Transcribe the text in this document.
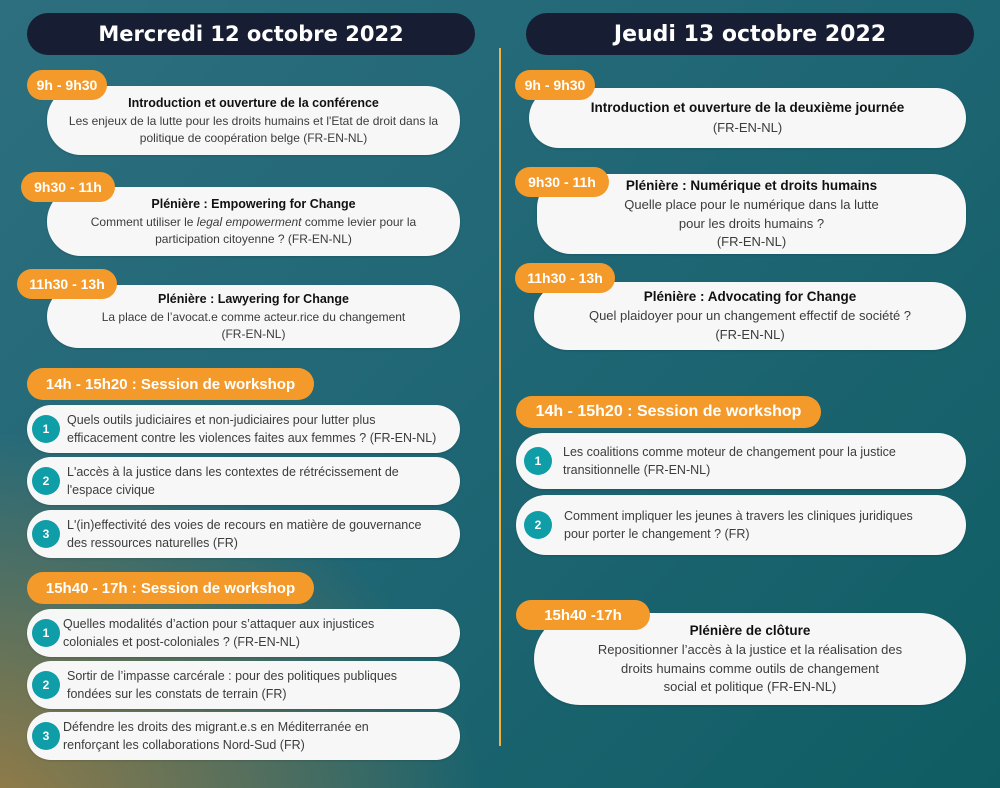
Mercredi 12 octobre 2022	Jeudi 13 octobre 2022
Introduction et ouverture de la conférence
Les enjeux de la lutte pour les droits humains et l'Etat de droit dans la
politique de coopération belge (FR-EN-NL)
9h - 9h30
Plénière : Empowering for Change
Comment utiliser le legal empowerment comme levier pour la
participation citoyenne ? (FR-EN-NL)
9h30 - 11h
Plénière : Lawyering for Change
La place de l’avocat.e comme acteur.rice du changement
(FR-EN-NL)
11h30 - 13h
14h - 15h20 : Session de workshop
1
Quels outils judiciaires et non-judiciaires pour lutter plus
efficacement contre les violences faites aux femmes ? (FR-EN-NL)
2
L'accès à la justice dans les contextes de rétrécissement de
l'espace civique
3
L'(in)effectivité des voies de recours en matière de gouvernance
des ressources naturelles (FR)
15h40 - 17h : Session de workshop
1
Quelles modalités d’action pour s’attaquer aux injustices
coloniales et post-coloniales ? (FR-EN-NL)
2
Sortir de l’impasse carcérale : pour des politiques publiques
fondées sur les constats de terrain (FR)
3
Défendre les droits des migrant.e.s en Méditerranée en
renforçant les collaborations Nord-Sud (FR)
Introduction et ouverture de la deuxième journée
(FR-EN-NL)
9h - 9h30
Plénière : Numérique et droits humains
Quelle place pour le numérique dans la lutte
pour les droits humains ?
(FR-EN-NL)
9h30 - 11h
Plénière : Advocating for Change
Quel plaidoyer pour un changement effectif de société ?
(FR-EN-NL)
11h30 - 13h
14h - 15h20 : Session de workshop
1
Les coalitions comme moteur de changement pour la justice
transitionnelle (FR-EN-NL)
2
Comment impliquer les jeunes à travers les cliniques juridiques
pour porter le changement ? (FR)
Plénière de clôture
Repositionner l’accès à la justice et la réalisation des
droits humains comme outils de changement
social et politique (FR-EN-NL)
15h40 -17h
